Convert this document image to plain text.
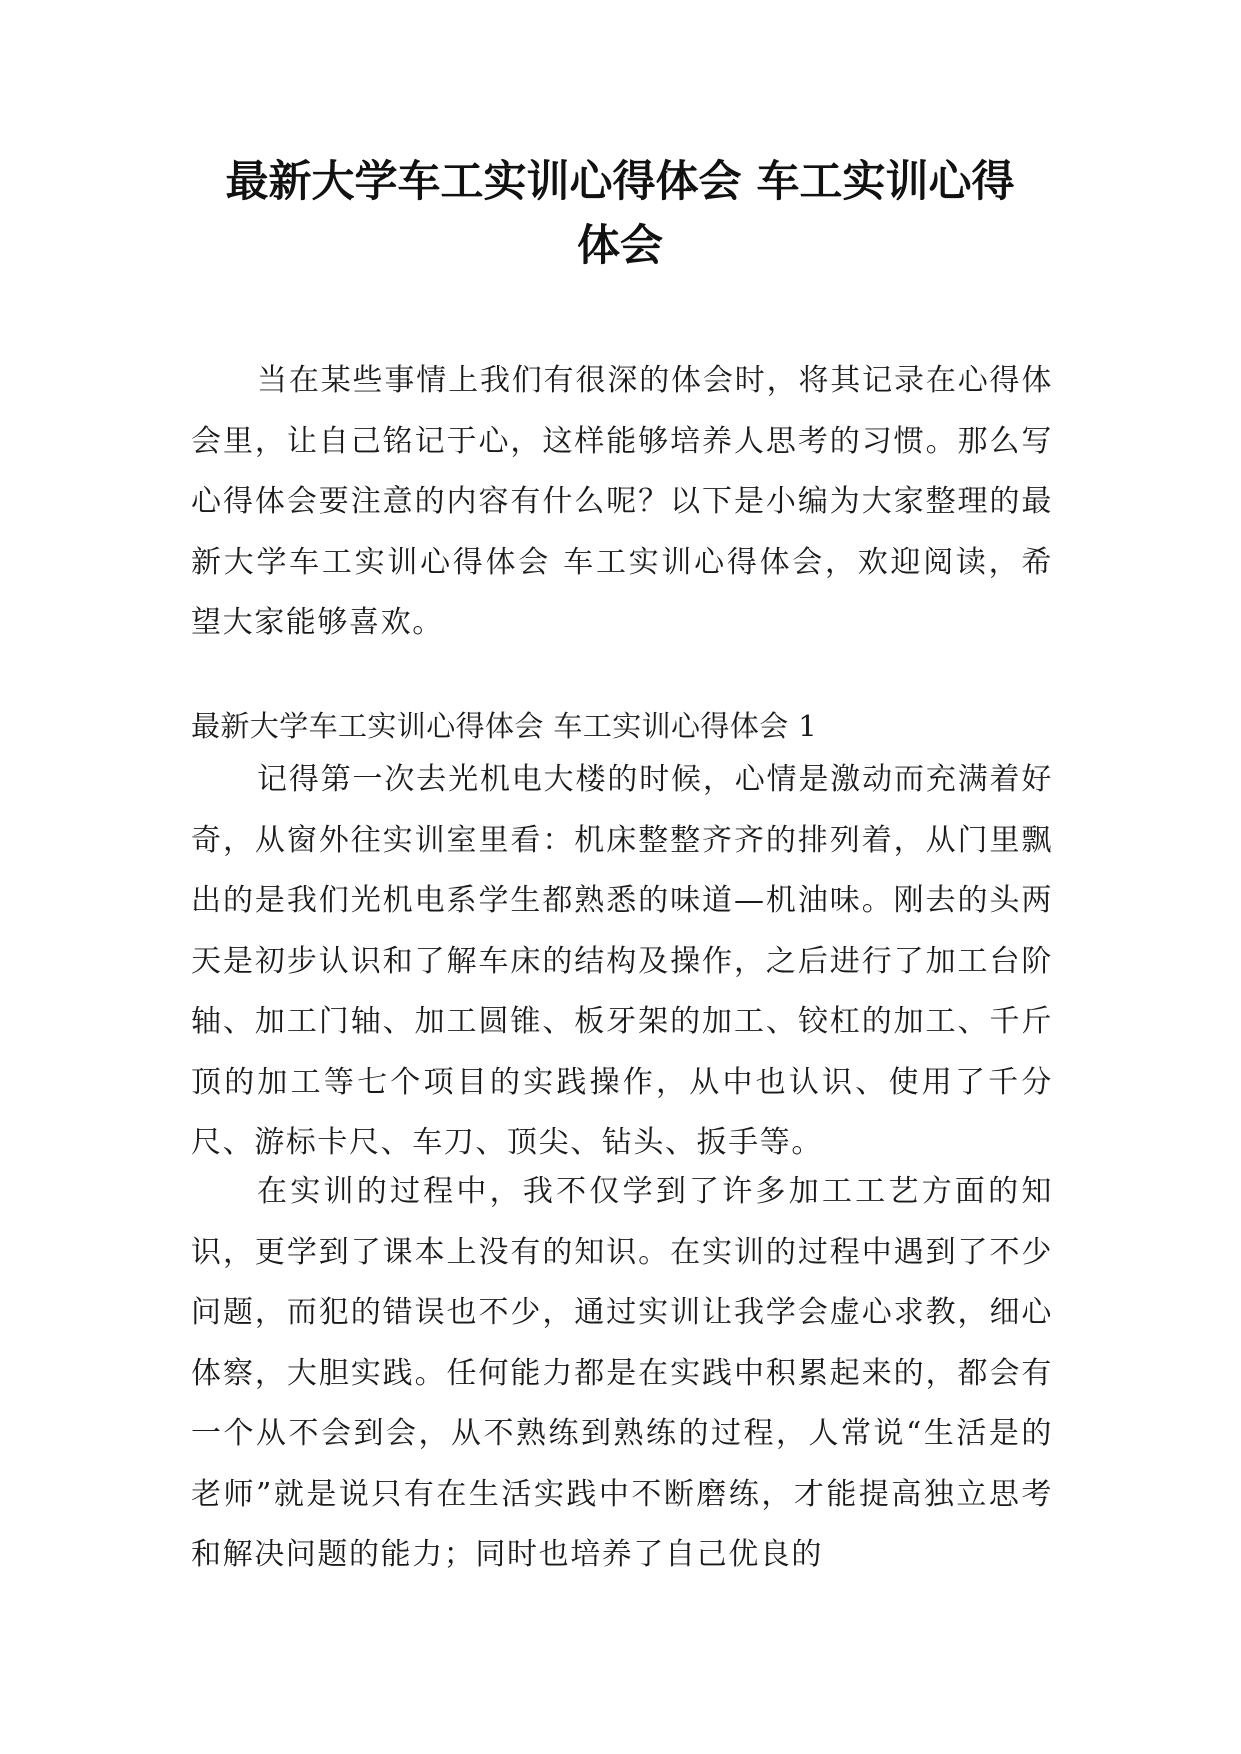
最新大学车工实训心得体会 车工实训心得
体会

当在某些事情上我们有很深的体会时，将其记录在心得体会里，让自己铭记于心，这样能够培养人思考的习惯。那么写心得体会要注意的内容有什么呢？以下是小编为大家整理的最新大学车工实训心得体会 车工实训心得体会，欢迎阅读，希望大家能够喜欢。

最新大学车工实训心得体会 车工实训心得体会 1

记得第一次去光机电大楼的时候，心情是激动而充满着好奇，从窗外往实训室里看：机床整整齐齐的排列着，从门里飘出的是我们光机电系学生都熟悉的味道—机油味。刚去的头两天是初步认识和了解车床的结构及操作，之后进行了加工台阶轴、加工门轴、加工圆锥、板牙架的加工、铰杠的加工、千斤顶的加工等七个项目的实践操作，从中也认识、使用了千分尺、游标卡尺、车刀、顶尖、钻头、扳手等。

在实训的过程中，我不仅学到了许多加工工艺方面的知识，更学到了课本上没有的知识。在实训的过程中遇到了不少问题，而犯的错误也不少，通过实训让我学会虚心求教，细心体察，大胆实践。任何能力都是在实践中积累起来的，都会有一个从不会到会，从不熟练到熟练的过程，人常说“生活是的老师”就是说只有在生活实践中不断磨练，才能提高独立思考和解决问题的能力；同时也培养了自己优良的
